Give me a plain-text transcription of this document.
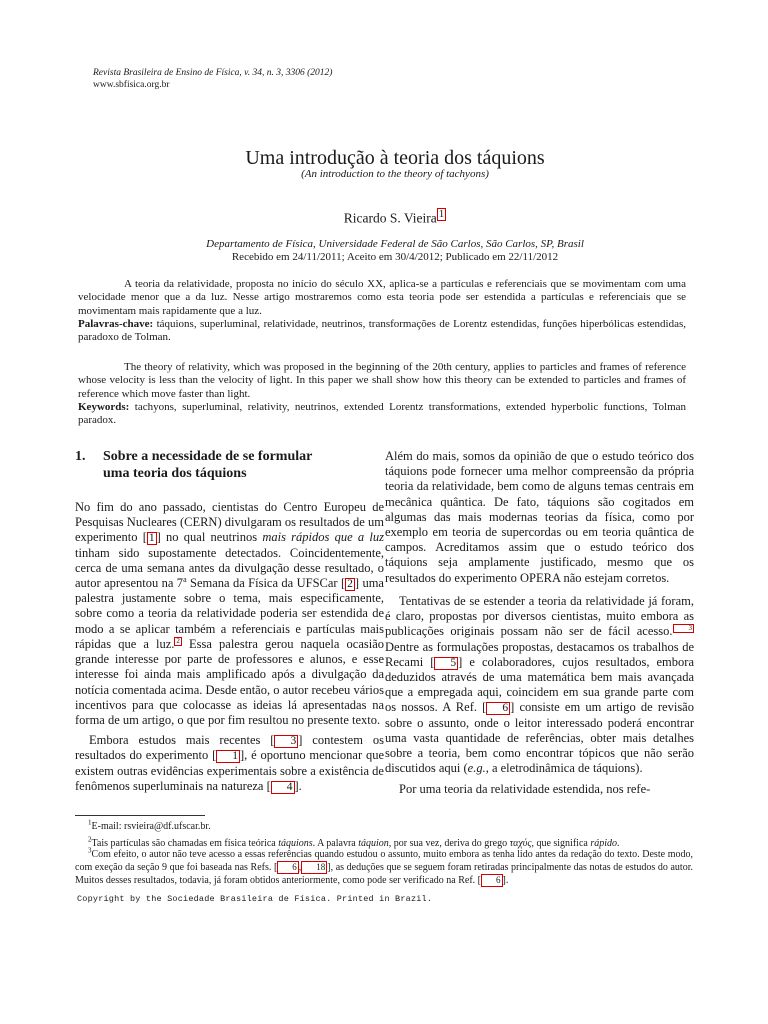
Revista Brasileira de Ensino de Física, v. 34, n. 3, 3306 (2012)
www.sbfisica.org.br
Uma introdução à teoria dos táquions
(An introduction to the theory of tachyons)
Ricardo S. Vieira $^1$
Departamento de Física, Universidade Federal de São Carlos, São Carlos, SP, Brasil
Recebido em 24/11/2011; Aceito em 30/4/2012; Publicado em 22/11/2012

A teoria da relatividade, proposta no início do século XX, aplica-se a partículas e referenciais que se movimentam com uma velocidade menor que a da luz. Nesse artigo mostraremos como esta teoria pode ser estendida a partículas e referenciais que se movimentam mais rapidamente que a luz.

Palavras-chave: táquions, superluminal, relatividade, neutrinos, transformações de Lorentz estendidas, funções hiperbólicas estendidas, paradoxo de Tolman.

The theory of relativity, which was proposed in the beginning of the 20th century, applies to particles and frames of reference whose velocity is less than the velocity of light. In this paper we shall show how this theory can be extended to particles and frames of reference which move faster than light.

Keywords: tachyons, superluminal, relativity, neutrinos, extended Lorentz transformations, extended hyperbolic functions, Tolman paradox.

1. Sobre a necessidade de se formular
uma teoria dos táquions

No fim do ano passado, cientistas do Centro Europeu de Pesquisas Nucleares (CERN) divulgaram os resultados de um experimento [ 1 ] no qual neutrinos mais rápidos que a luz tinham sido supostamente detectados. Coincidentemente, cerca de uma semana antes da divulgação desse resultado, o autor apresentou na 7$^a$ Semana da Física da UFSCar [ 2 ] uma palestra justamente sobre o tema, mais especificamente, sobre como a teoria da relatividade poderia ser estendida de modo a se aplicar também a referenciais e partículas mais rápidas que a luz. $^2$ Essa palestra gerou naquela ocasião grande interesse por parte de professores e alunos, e esse interesse foi ainda mais amplificado após a divulgação da notícia comentada acima. Desde então, o autor recebeu vários incentivos para que colocasse as ideias lá apresentadas na forma de um artigo, o que por fim resultou no presente texto.

Embora estudos mais recentes [ 3 ] contestem os resultados do experimento [ 1 ], é oportuno mencionar que existem outras evidências experimentais sobre a existência de fenômenos superluminais na natureza [ 4 ].

Além do mais, somos da opinião de que o estudo teórico dos táquions pode fornecer uma melhor compreensão da própria teoria da relatividade, bem como de alguns temas centrais em mecânica quântica. De fato, táquions são cogitados em algumas das mais modernas teorias da física, como por exemplo em teoria de supercordas ou em teoria quântica de campos. Acreditamos assim que o estudo teórico dos táquions seja amplamente justificado, mesmo que os resultados do experimento OPERA não estejam corretos.

Tentativas de se estender a teoria da relatividade já foram, é claro, propostas por diversos cientistas, muito embora as publicações originais possam não ser de fácil acesso. $^3$ Dentre as formulações propostas, destacamos os trabalhos de Recami [ 5 ] e colaboradores, cujos resultados, embora deduzidos através de uma matemática bem mais avançada que a empregada aqui, coincidem em sua grande parte com os nossos. A Ref. [ 6 ] consiste em um artigo de revisão sobre o assunto, onde o leitor interessado poderá encontrar uma vasta quantidade de referências, obter mais detalhes sobre a teoria, bem como encontrar tópicos que não serão discutidos aqui (e.g., a eletrodinâmica de táquions).

Por uma teoria da relatividade estendida, nos refe-

$^1$E-mail: rsvieira@df.ufscar.br.

$^2$Tais partículas são chamadas em física teórica táquions. A palavra táquion, por sua vez, deriva do grego ταχύς, que significa rápido.

$^3$Com efeito, o autor não teve acesso a essas referências quando estudou o assunto, muito embora as tenha lido antes da redação do texto. Deste modo, com exeção da seção 9 que foi baseada nas Refs. [ 6 , 18 ], as deduções que se seguem foram retiradas principalmente das notas de estudos do autor. Muitos desses resultados, todavia, já foram obtidos anteriormente, como pode ser verificado na Ref. [ 6 ].

Copyright by the Sociedade Brasileira de Física. Printed in Brazil.
